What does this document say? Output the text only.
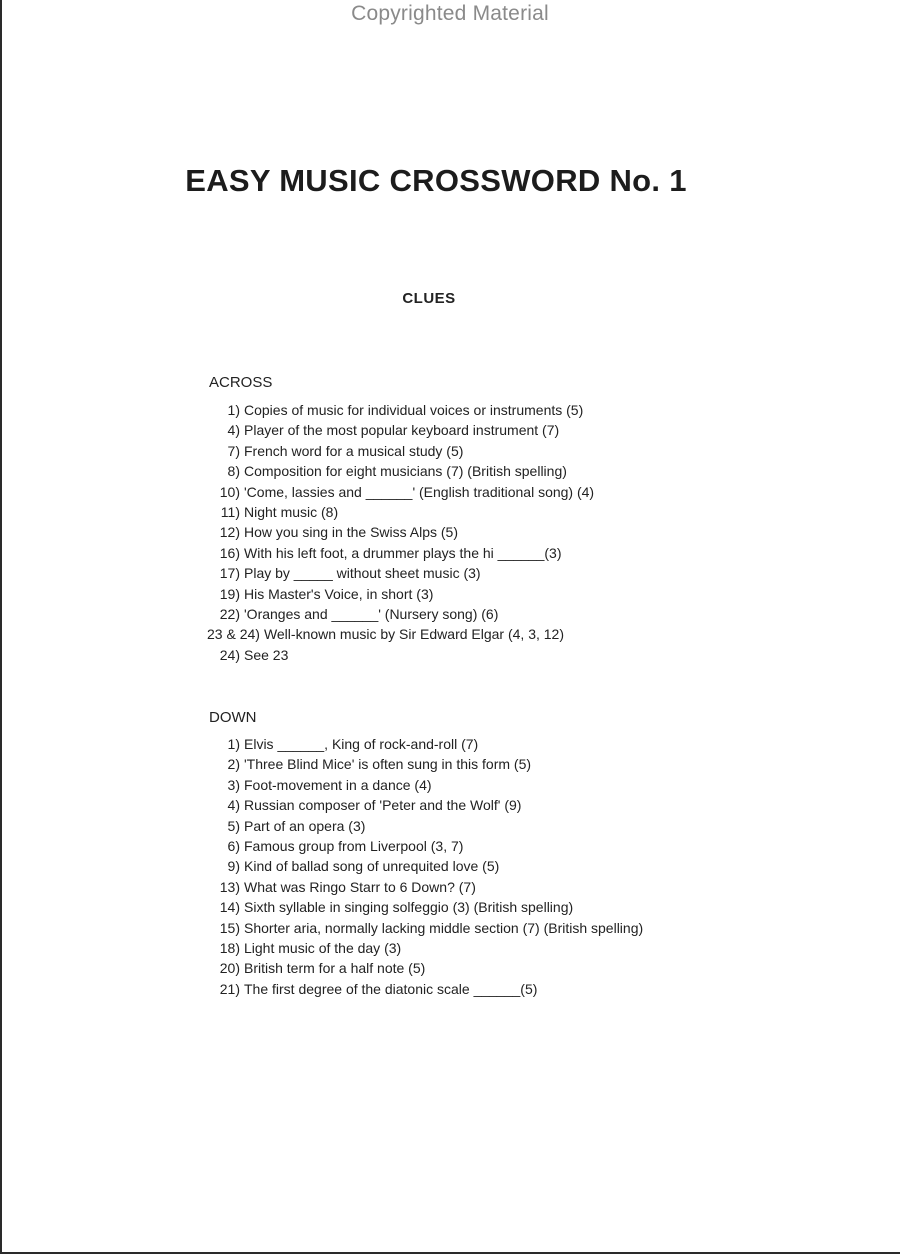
Copyrighted Material
EASY MUSIC CROSSWORD No. 1
CLUES
ACROSS
1) Copies of music for individual voices or instruments (5)
4) Player of the most popular keyboard instrument (7)
7) French word for a musical study (5)
8) Composition for eight musicians (7) (British spelling)
10) 'Come, lassies and ______' (English traditional song) (4)
11) Night music (8)
12) How you sing in the Swiss Alps (5)
16) With his left foot, a drummer plays the hi ______(3)
17) Play by _____ without sheet music (3)
19) His Master's Voice, in short (3)
22) 'Oranges and ______' (Nursery song) (6)
23 & 24) Well-known music by Sir Edward Elgar (4, 3, 12)
24) See 23
DOWN
1) Elvis ______, King of rock-and-roll (7)
2) 'Three Blind Mice' is often sung in this form (5)
3) Foot-movement in a dance (4)
4) Russian composer of 'Peter and the Wolf' (9)
5) Part of an opera (3)
6) Famous group from Liverpool (3, 7)
9) Kind of ballad song of unrequited love (5)
13) What was Ringo Starr to 6 Down? (7)
14) Sixth syllable in singing solfeggio (3) (British spelling)
15) Shorter aria, normally lacking middle section (7) (British spelling)
18) Light music of the day (3)
20) British term for a half note (5)
21) The first degree of the diatonic scale ______(5)
